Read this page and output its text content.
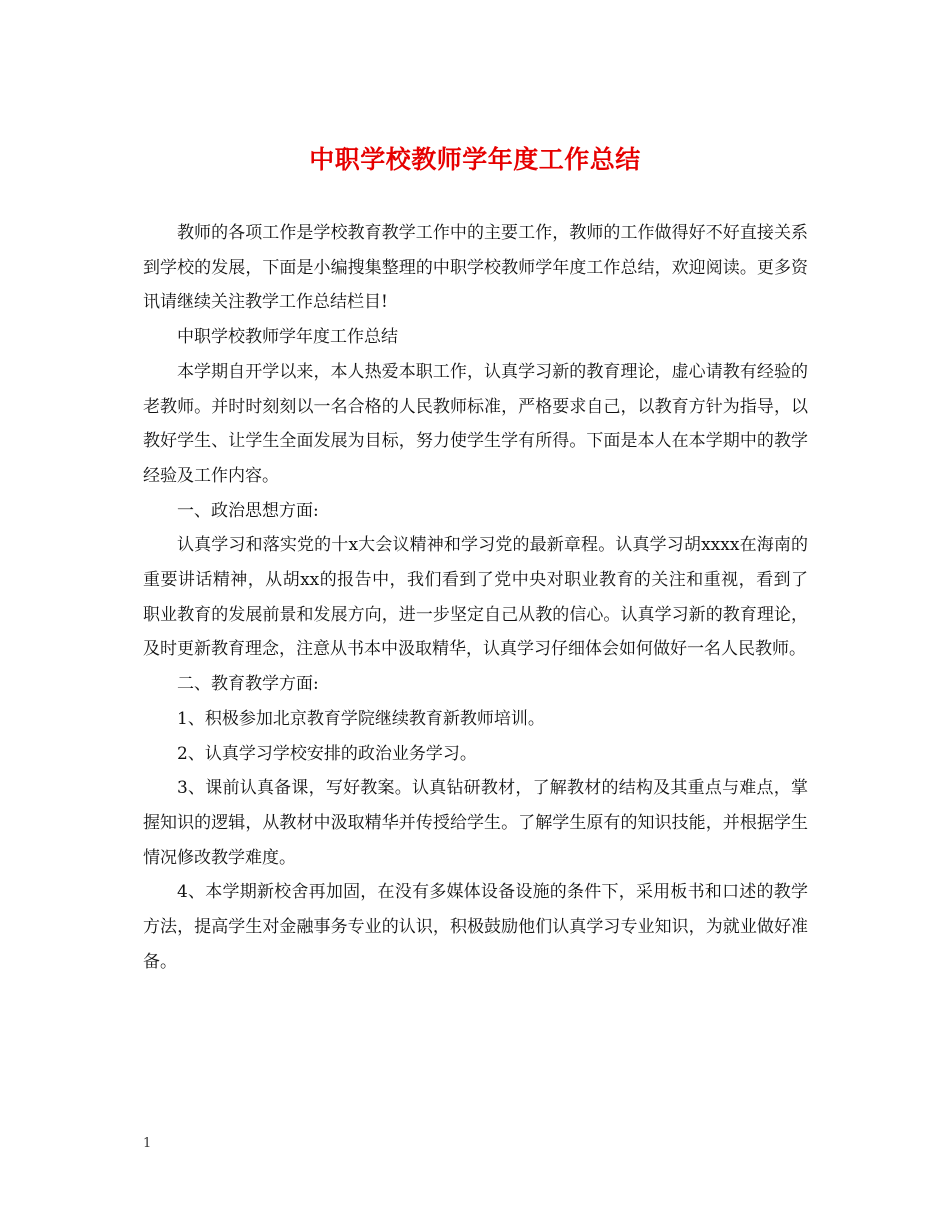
中职学校教师学年度工作总结

教师的各项工作是学校教育教学工作中的主要工作，教师的工作做得好不好直接关系到学校的发展，下面是小编搜集整理的中职学校教师学年度工作总结，欢迎阅读。更多资讯请继续关注教学工作总结栏目!

中职学校教师学年度工作总结

本学期自开学以来，本人热爱本职工作，认真学习新的教育理论，虚心请教有经验的老教师。并时时刻刻以一名合格的人民教师标准，严格要求自己，以教育方针为指导，以教好学生、让学生全面发展为目标，努力使学生学有所得。下面是本人在本学期中的教学经验及工作内容。

一、政治思想方面:

认真学习和落实党的十x大会议精神和学习党的最新章程。认真学习胡xxxx在海南的重要讲话精神，从胡xx的报告中，我们看到了党中央对职业教育的关注和重视，看到了职业教育的发展前景和发展方向，进一步坚定自己从教的信心。认真学习新的教育理论，及时更新教育理念，注意从书本中汲取精华，认真学习仔细体会如何做好一名人民教师。

二、教育教学方面:

1、积极参加北京教育学院继续教育新教师培训。

2、认真学习学校安排的政治业务学习。

3、课前认真备课，写好教案。认真钻研教材，了解教材的结构及其重点与难点，掌握知识的逻辑，从教材中汲取精华并传授给学生。了解学生原有的知识技能，并根据学生情况修改教学难度。

4、本学期新校舍再加固，在没有多媒体设备设施的条件下，采用板书和口述的教学方法，提高学生对金融事务专业的认识，积极鼓励他们认真学习专业知识，为就业做好准备。

1
